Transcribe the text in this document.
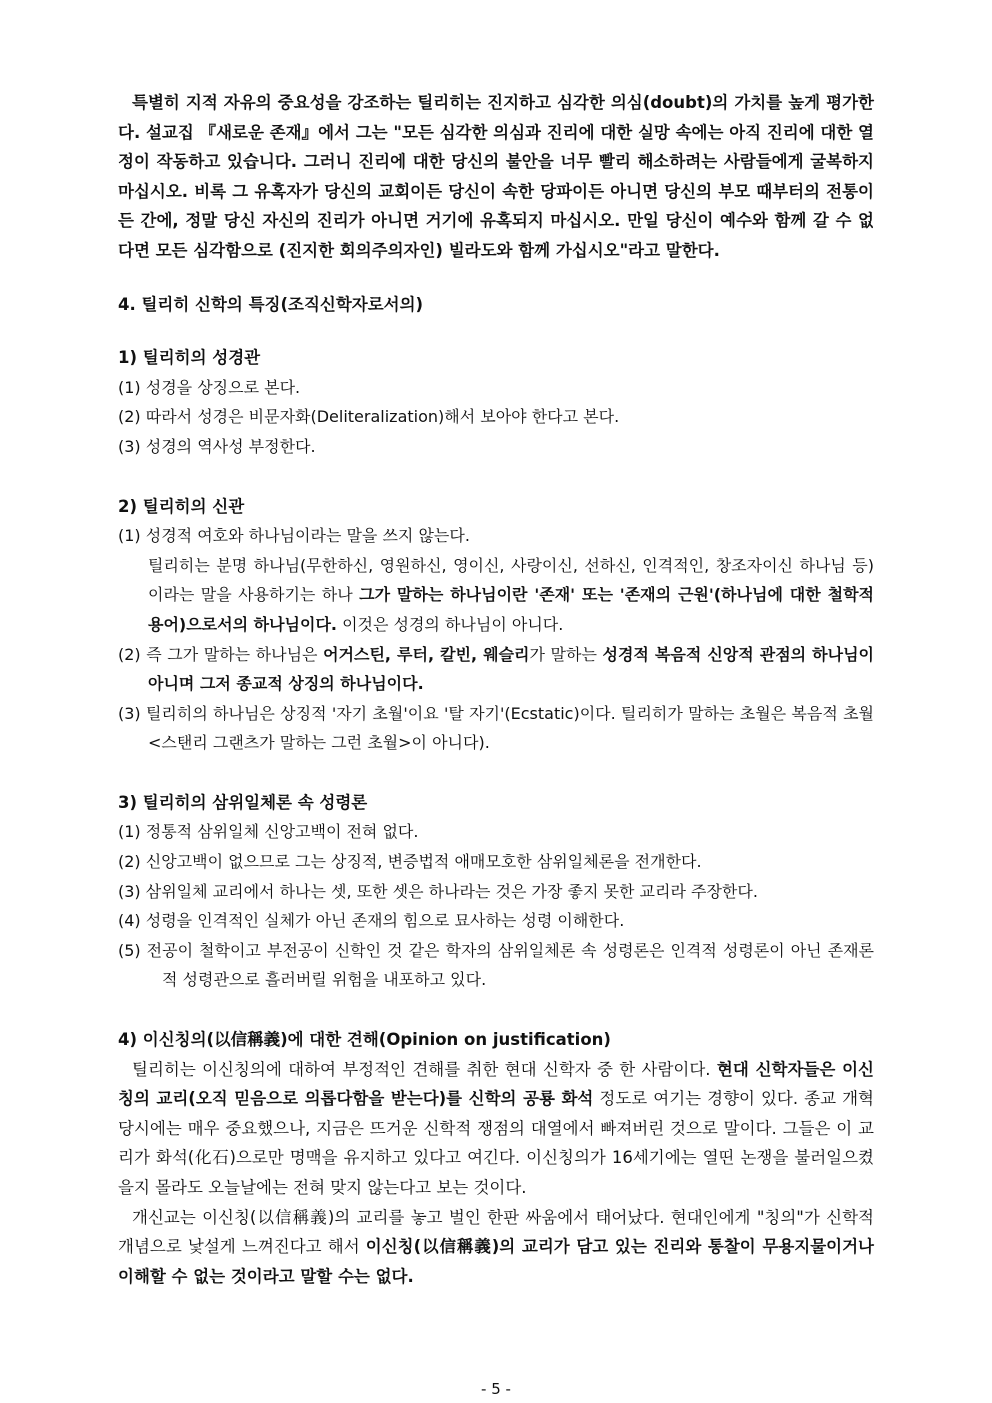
특별히 지적 자유의 중요성을 강조하는 틸리히는 진지하고 심각한 의심(doubt)의 가치를 높게 평가한다. 설교집 『새로운 존재』에서 그는 "모든 심각한 의심과 진리에 대한 실망 속에는 아직 진리에 대한 열정이 작동하고 있습니다. 그러니 진리에 대한 당신의 불안을 너무 빨리 해소하려는 사람들에게 굴복하지 마십시오. 비록 그 유혹자가 당신의 교회이든 당신이 속한 당파이든 아니면 당신의 부모 때부터의 전통이든 간에, 정말 당신 자신의 진리가 아니면 거기에 유혹되지 마십시오. 만일 당신이 예수와 함께 갈 수 없다면 모든 심각함으로 (진지한 회의주의자인) 빌라도와 함께 가십시오"라고 말한다.

4. 틸리히 신학의 특징(조직신학자로서의)

1) 틸리히의 성경관

(1) 성경을 상징으로 본다.
(2) 따라서 성경은 비문자화(Deliteralization)해서 보아야 한다고 본다.
(3) 성경의 역사성 부정한다.

2) 틸리히의 신관

(1) 성경적 여호와 하나님이라는 말을 쓰지 않는다.

틸리히는 분명 하나님(무한하신, 영원하신, 영이신, 사랑이신, 선하신, 인격적인, 창조자이신 하나님 등)이라는 말을 사용하기는 하나 그가 말하는 하나님이란 '존재' 또는 '존재의 근원'(하나님에 대한 철학적 용어)으로서의 하나님이다. 이것은 성경의 하나님이 아니다.

(2) 즉 그가 말하는 하나님은 어거스틴, 루터, 칼빈, 웨슬리가 말하는 성경적 복음적 신앙적 관점의 하나님이 아니며 그저 종교적 상징의 하나님이다.
(3) 틸리히의 하나님은 상징적 '자기 초월'이요 '탈 자기'(Ecstatic)이다. 틸리히가 말하는 초월은 복음적 초월<스탠리 그랜츠가 말하는 그런 초월>이 아니다).

3) 틸리히의 삼위일체론 속 성령론

(1) 정통적 삼위일체 신앙고백이 전혀 없다.
(2) 신앙고백이 없으므로 그는 상징적, 변증법적 애매모호한 삼위일체론을 전개한다.
(3) 삼위일체 교리에서 하나는 셋, 또한 셋은 하나라는 것은 가장 좋지 못한 교리라 주장한다.
(4) 성령을 인격적인 실체가 아닌 존재의 힘으로 묘사하는 성령 이해한다.
(5) 전공이 철학이고 부전공이 신학인 것 같은 학자의 삼위일체론 속 성령론은 인격적 성령론이 아닌 존재론적 성령관으로 흘러버릴 위험을 내포하고 있다.

4) 이신칭의(以信稱義)에 대한 견해(Opinion on justification)

틸리히는 이신칭의에 대하여 부정적인 견해를 취한 현대 신학자 중 한 사람이다. 현대 신학자들은 이신칭의 교리(오직 믿음으로 의롭다함을 받는다)를 신학의 공룡 화석 정도로 여기는 경향이 있다. 종교 개혁 당시에는 매우 중요했으나, 지금은 뜨거운 신학적 쟁점의 대열에서 빠져버린 것으로 말이다. 그들은 이 교리가 화석(化石)으로만 명맥을 유지하고 있다고 여긴다. 이신칭의가 16세기에는 열띤 논쟁을 불러일으켰을지 몰라도 오늘날에는 전혀 맞지 않는다고 보는 것이다.

개신교는 이신칭(以信稱義)의 교리를 놓고 벌인 한판 싸움에서 태어났다. 현대인에게 "칭의"가 신학적 개념으로 낯설게 느껴진다고 해서 이신칭(以信稱義)의 교리가 담고 있는 진리와 통찰이 무용지물이거나 이해할 수 없는 것이라고 말할 수는 없다.

- 5 -
